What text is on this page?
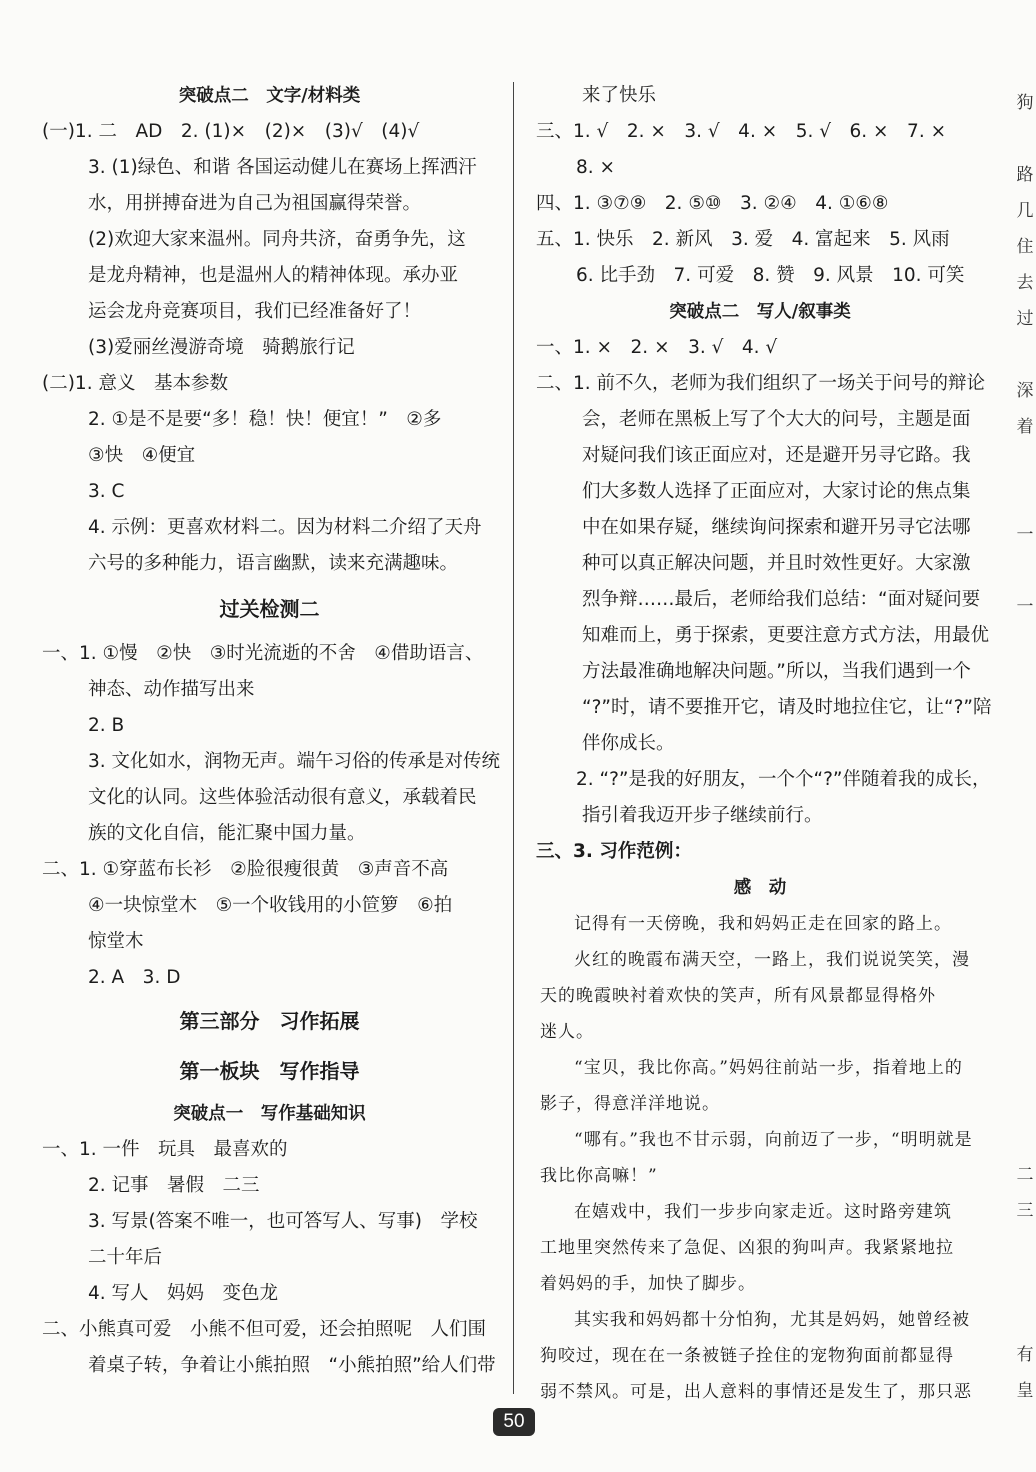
突破点二　文字/材料类
(一)1. 二　AD　2. (1)×　(2)×　(3)√　(4)√
3. (1)绿色、和谐 各国运动健儿在赛场上挥洒汗
水，用拼搏奋进为自己为祖国赢得荣誉。
(2)欢迎大家来温州。同舟共济，奋勇争先，这
是龙舟精神，也是温州人的精神体现。承办亚
运会龙舟竞赛项目，我们已经准备好了！
(3)爱丽丝漫游奇境　骑鹅旅行记
(二)1. 意义　基本参数
2. ①是不是要“多！稳！快！便宜！”　②多
③快　④便宜
3. C
4. 示例：更喜欢材料二。因为材料二介绍了天舟
六号的多种能力，语言幽默，读来充满趣味。
过关检测二
一、1. ①慢　②快　③时光流逝的不舍　④借助语言、
神态、动作描写出来
2. B
3. 文化如水，润物无声。端午习俗的传承是对传统
文化的认同。这些体验活动很有意义，承载着民
族的文化自信，能汇聚中国力量。
二、1. ①穿蓝布长衫　②脸很瘦很黄　③声音不高
④一块惊堂木　⑤一个收钱用的小笸箩　⑥拍
惊堂木
2. A　3. D
第三部分　习作拓展
第一板块　写作指导
突破点一　写作基础知识
一、1. 一件　玩具　最喜欢的
2. 记事　暑假　二三
3. 写景(答案不唯一，也可答写人、写事)　学校
二十年后
4. 写人　妈妈　变色龙
二、小熊真可爱　小熊不但可爱，还会拍照呢　人们围
着桌子转，争着让小熊拍照　“小熊拍照”给人们带
来了快乐
三、1. √　2. ×　3. √　4. ×　5. √　6. ×　7. ×
8. ×
四、1. ③⑦⑨　2. ⑤⑩　3. ②④　4. ①⑥⑧
五、1. 快乐　2. 新风　3. 爱　4. 富起来　5. 风雨
6. 比手劲　7. 可爱　8. 赞　9. 风景　10. 可笑
突破点二　写人/叙事类
一、1. ×　2. ×　3. √　4. √
二、1. 前不久，老师为我们组织了一场关于问号的辩论
会，老师在黑板上写了个大大的问号，主题是面
对疑问我们该正面应对，还是避开另寻它路。我
们大多数人选择了正面应对，大家讨论的焦点集
中在如果存疑，继续询问探索和避开另寻它法哪
种可以真正解决问题，并且时效性更好。大家激
烈争辩……最后，老师给我们总结：“面对疑问要
知难而上，勇于探索，更要注意方式方法，用最优
方法最准确地解决问题。”所以，当我们遇到一个
“?”时，请不要推开它，请及时地拉住它，让“?”陪
伴你成长。
2. “?”是我的好朋友，一个个“?”伴随着我的成长，
指引着我迈开步子继续前行。
三、3. 习作范例：
感　动
记得有一天傍晚，我和妈妈正走在回家的路上。
火红的晚霞布满天空，一路上，我们说说笑笑，漫
天的晚霞映衬着欢快的笑声，所有风景都显得格外
迷人。
“宝贝，我比你高。”妈妈往前站一步，指着地上的
影子，得意洋洋地说。
“哪有。”我也不甘示弱，向前迈了一步，“明明就是
我比你高嘛！”
在嬉戏中，我们一步步向家走近。这时路旁建筑
工地里突然传来了急促、凶狠的狗叫声。我紧紧地拉
着妈妈的手，加快了脚步。
其实我和妈妈都十分怕狗，尤其是妈妈，她曾经被
狗咬过，现在在一条被链子拴住的宠物狗面前都显得
弱不禁风。可是，出人意料的事情还是发生了，那只恶
狗
路
几
住
去
过
深
着
一
一
二
三
有
皇
50
